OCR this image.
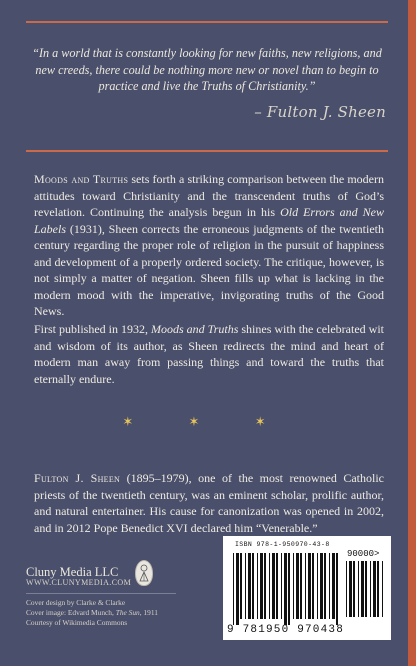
“In a world that is constantly looking for new faiths, new religions, and new creeds, there could be nothing more new or novel than to begin to practice and live the Truths of Christianity.”
– Fulton J. Sheen
Moods and Truths sets forth a striking comparison between the modern attitudes toward Christianity and the transcendent truths of God’s revelation. Continuing the analysis begun in his Old Errors and New Labels (1931), Sheen corrects the erroneous judgments of the twentieth century regarding the proper role of religion in the pursuit of happiness and development of a properly ordered society. The critique, however, is not simply a matter of negation. Sheen fills up what is lacking in the modern mood with the imperative, invigorating truths of the Good News.
First published in 1932, Moods and Truths shines with the celebrated wit and wisdom of its author, as Sheen redirects the mind and heart of modern man away from passing things and toward the truths that eternally endure.
✶ ✶ ✶
Fulton J. Sheen (1895–1979), one of the most renowned Catholic priests of the twentieth century, was an eminent scholar, prolific author, and natural entertainer. His cause for canonization was opened in 2002, and in 2012 Pope Benedict XVI declared him “Venerable.”
Cluny Media LLC
WWW.CLUNYMEDIA.COM
Cover design by Clarke & Clarke
Cover image: Edvard Munch, The Sun, 1911
Courtesy of Wikimedia Commons
ISBN 978-1-950970-43-8
90000>
9 781950 970438
